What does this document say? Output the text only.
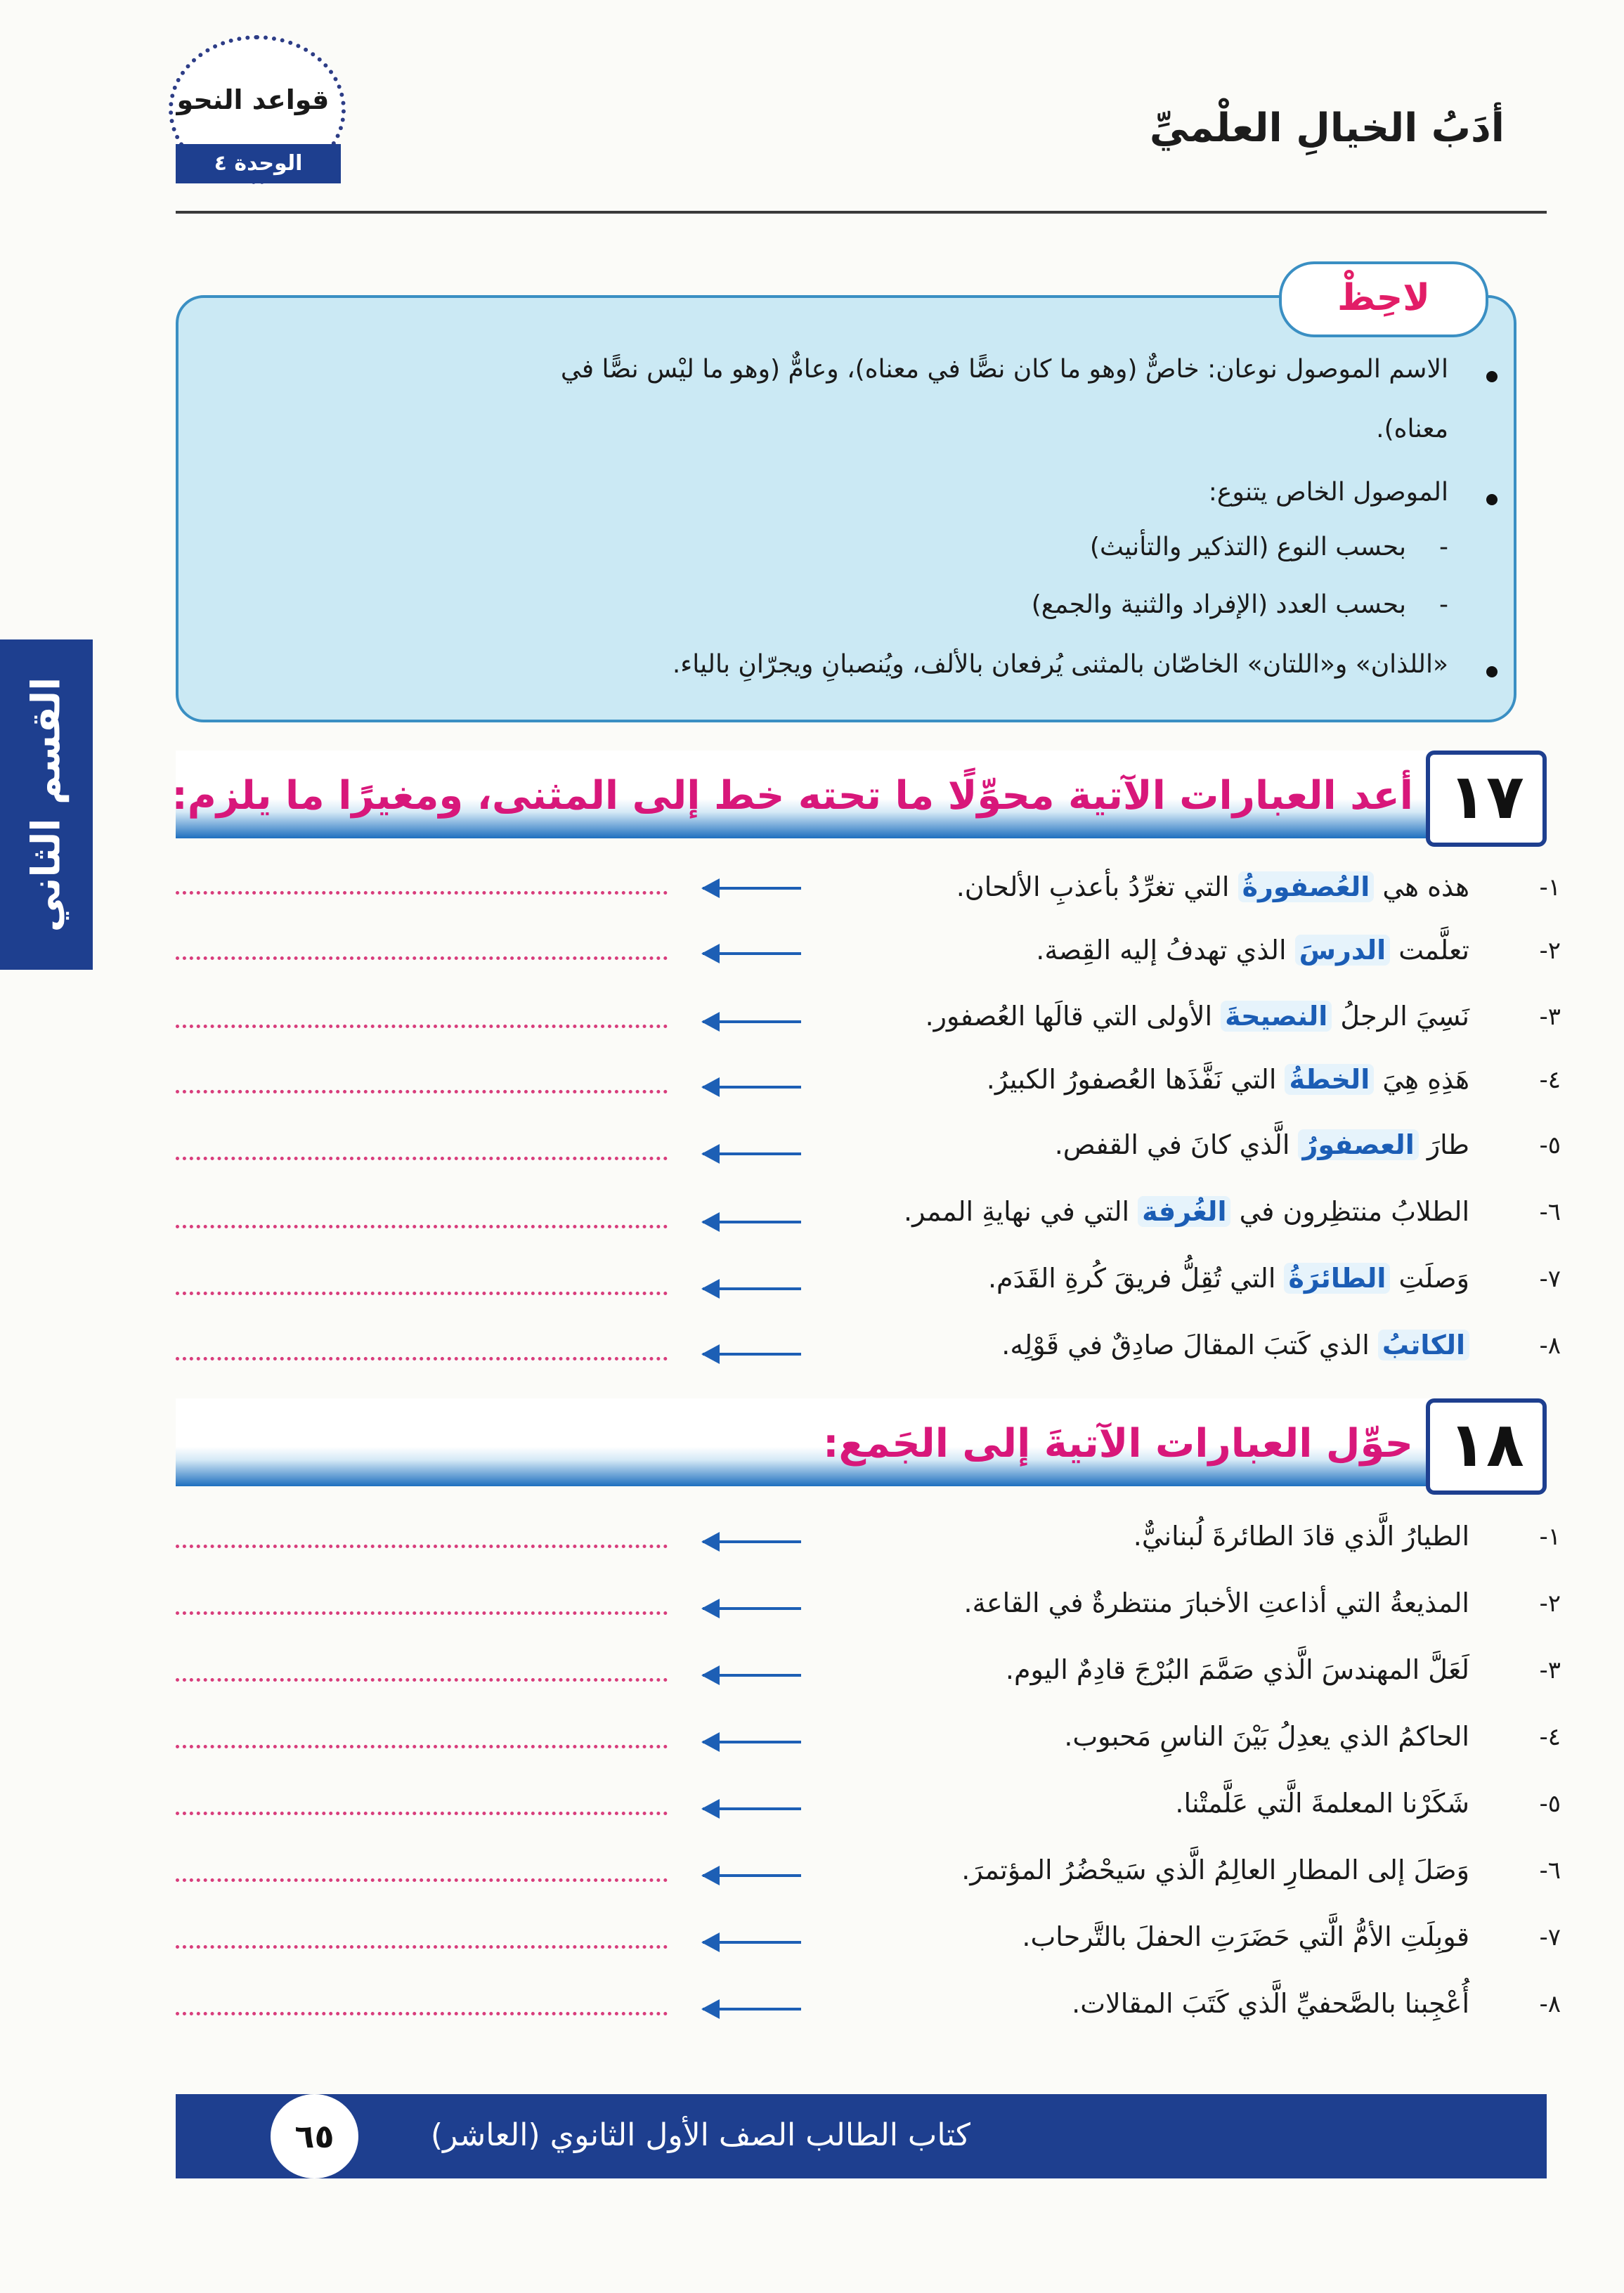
قواعد النحو
الوحدة ٤
أدَبُ الخيالِ العلْميِّ
القسم الثاني
لاحِظْ
الاسم الموصول نوعان: خاصٌّ (وهو ما كان نصًّا في معناه)، وعامٌّ (وهو ما ليْس نصًّا في
معناه).
الموصول الخاص يتنوع:
-
بحسب النوع (التذكير والتأنيث)
-
بحسب العدد (الإفراد والثنية والجمع)
«اللذان» و«اللتان» الخاصّان بالمثنى يُرفعان بالألف، ويُنصبانِ ويجرّانِ بالياء.
١٧
أعد العبارات الآتية محوِّلًا ما تحته خط إلى المثنى، ومغيرًا ما يلزم:
١-
هذه هي العُصفورةُ التي تغرِّدُ بأعذبِ الألحان.
٢-
تعلَّمت الدرسَ الذي تهدفُ إليه القِصة.
٣-
نَسِيَ الرجلُ النصيحةَ الأولى التي قالَها العُصفور.
٤-
هَذِهِ هِيَ الخطةُ التي نَفَّذَها العُصفورُ الكبيرُ.
٥-
طارَ العصفورُ الَّذي كانَ في القفص.
٦-
الطلابُ منتظِرون في الغُرفة التي في نهايةِ الممر.
٧-
وَصلَتِ الطائرَةُ التي تُقِلُّ فريقَ كُرةِ القَدَم.
٨-
الكاتبُ الذي كَتبَ المقالَ صادِقٌ في قَوْلِه.
١٨
حوِّل العبارات الآتيةَ إلى الجَمع:
١-
الطيارُ الَّذي قادَ الطائرةَ لُبنانيٌّ.
٢-
المذيعةُ التي أذاعتِ الأخبارَ منتظرةٌ في القاعة.
٣-
لَعَلَّ المهندسَ الَّذي صَمَّمَ البُرْجَ قادِمٌ اليوم.
٤-
الحاكمُ الذي يعدِلُ بَيْنَ الناسِ مَحبوب.
٥-
شَكَرْنا المعلمةَ الَّتي عَلَّمتْنا.
٦-
وَصَلَ إلى المطارِ العالِمُ الَّذي سَيحْضُرُ المؤتمرَ.
٧-
قوبِلَتِ الأمُّ الَّتي حَضَرَتِ الحفلَ بالتَّرحاب.
٨-
أُعْجِبنا بالصَّحفيِّ الَّذي كَتَبَ المقالات.
كتاب الطالب الصف الأول الثانوي (العاشر)
٦٥
